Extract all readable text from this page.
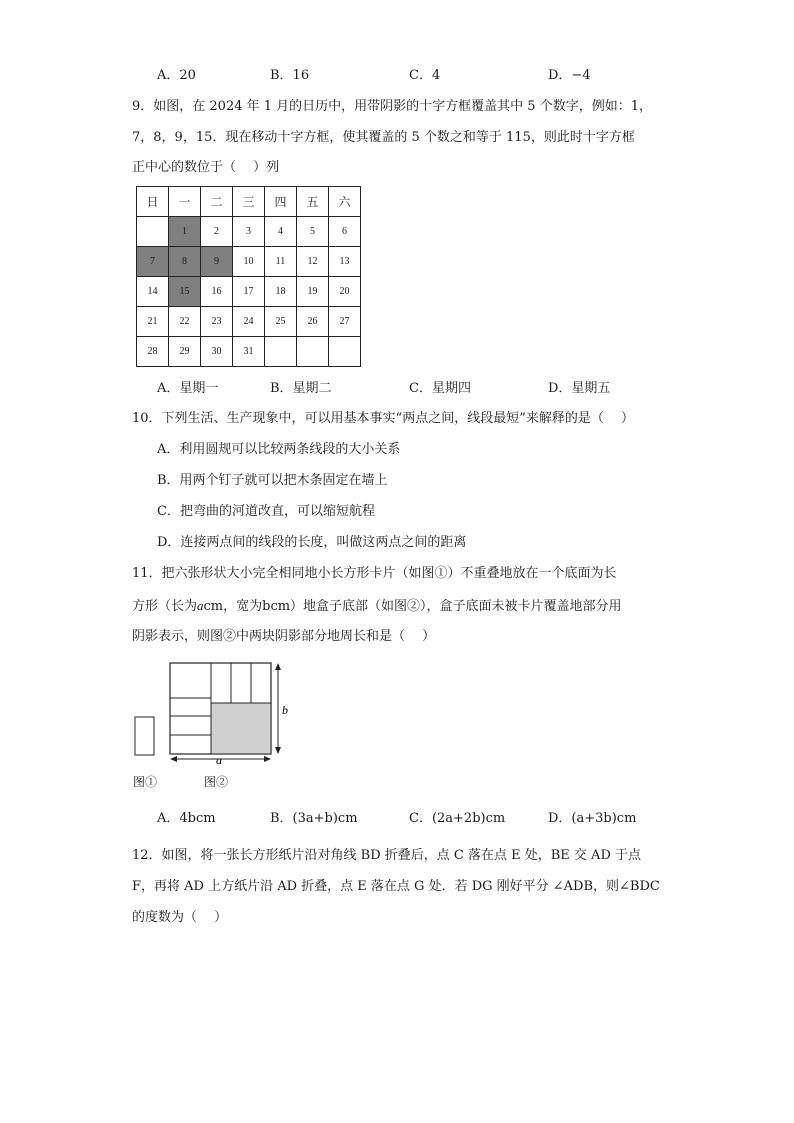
A．20	B．16	C．4	D．−4
9．如图，在 2024 年 1 月的日历中，用带阴影的十字方框覆盖其中 5 个数字，例如：1，
7，8，9，15．现在移动十字方框，使其覆盖的 5 个数之和等于 115，则此时十字方框
正中心的数位于（　 ）列
日	一	二	三	四	五	六
	1	2	3	4	5	6
7	8	9	10	11	12	13
14	15	16	17	18	19	20
21	22	23	24	25	26	27
28	29	30	31			
A．星期一	B．星期二	C．星期四	D．星期五
10．下列生活、生产现象中，可以用基本事实“两点之间，线段最短”来解释的是（　 ）
A．利用圆规可以比较两条线段的大小关系
B．用两个钉子就可以把木条固定在墙上
C．把弯曲的河道改直，可以缩短航程
D．连接两点间的线段的长度，叫做这两点之间的距离
11．把六张形状大小完全相同地小长方形卡片（如图①）不重叠地放在一个底面为长
方形（长为acm，宽为bcm）地盒子底部（如图②），盒子底面未被卡片覆盖地部分用
阴影表示，则图②中两块阴影部分地周长和是（　 ）
b
a
图①	图②
A．4bcm	B．(3a+b)cm	C．(2a+2b)cm	D．(a+3b)cm
12．如图，将一张长方形纸片沿对角线 BD 折叠后，点 C 落在点 E 处，BE 交 AD 于点
F，再将 AD 上方纸片沿 AD 折叠，点 E 落在点 G 处．若 DG 刚好平分 ∠ADB，则∠BDC
的度数为（　 ）
